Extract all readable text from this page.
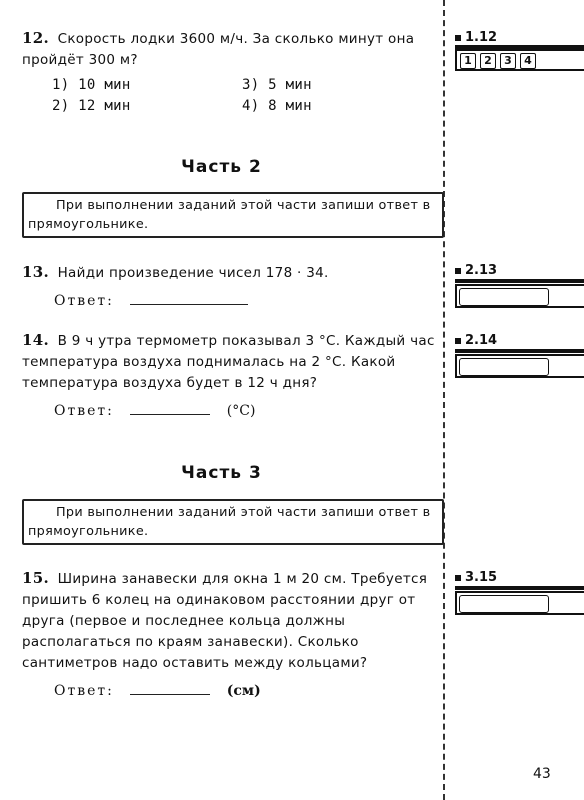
12. Скорость лодки 3600 м/ч. За сколько минут она пройдёт 300 м?
1) 10 мин	3) 5 мин
2) 12 мин	4) 8 мин
Часть 2
При выполнении заданий этой части запиши ответ в прямоугольнике.
13. Найди произведение чисел 178 · 34.
Ответ:
14. В 9 ч утра термометр показывал 3 °С. Каждый час температура воздуха поднималась на 2 °С. Какой температура воздуха будет в 12 ч дня?
Ответ:	(°С)
Часть 3
При выполнении заданий этой части запиши ответ в прямоугольнике.
15. Ширина занавески для окна 1 м 20 см. Требуется пришить 6 колец на одинаковом расстоянии друг от друга (первое и последнее кольца должны располагаться по краям занавески). Сколько сантиметров надо оставить между кольцами?
Ответ:	(см)
1.12
1	2	3	4
2.13
2.14
3.15
43
